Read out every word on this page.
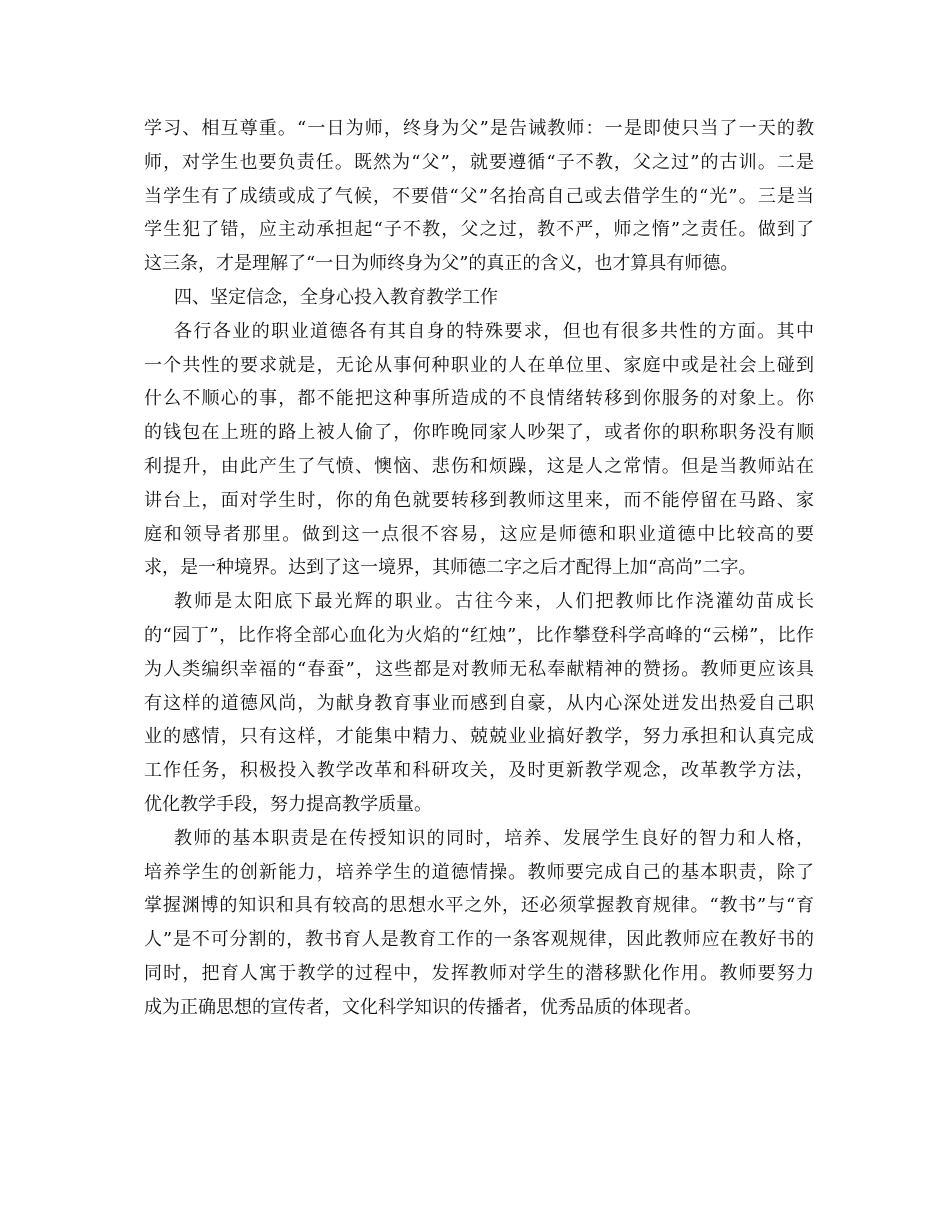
学习、相互尊重。“一日为师，终身为父”是告诫教师：一是即使只当了一天的教
师，对学生也要负责任。既然为“父”，就要遵循“子不教，父之过”的古训。二是
当学生有了成绩或成了气候，不要借“父”名抬高自己或去借学生的“光”。三是当
学生犯了错，应主动承担起“子不教，父之过，教不严，师之惰”之责任。做到了
这三条，才是理解了“一日为师终身为父”的真正的含义，也才算具有师德。
四、坚定信念，全身心投入教育教学工作
各行各业的职业道德各有其自身的特殊要求，但也有很多共性的方面。其中
一个共性的要求就是，无论从事何种职业的人在单位里、家庭中或是社会上碰到
什么不顺心的事，都不能把这种事所造成的不良情绪转移到你服务的对象上。你
的钱包在上班的路上被人偷了，你昨晚同家人吵架了，或者你的职称职务没有顺
利提升，由此产生了气愤、懊恼、悲伤和烦躁，这是人之常情。但是当教师站在
讲台上，面对学生时，你的角色就要转移到教师这里来，而不能停留在马路、家
庭和领导者那里。做到这一点很不容易，这应是师德和职业道德中比较高的要
求，是一种境界。达到了这一境界，其师德二字之后才配得上加“高尚”二字。
教师是太阳底下最光辉的职业。古往今来，人们把教师比作浇灌幼苗成长
的“园丁”，比作将全部心血化为火焰的“红烛”，比作攀登科学高峰的“云梯”，比作
为人类编织幸福的“春蚕”，这些都是对教师无私奉献精神的赞扬。教师更应该具
有这样的道德风尚，为献身教育事业而感到自豪，从内心深处迸发出热爱自己职
业的感情，只有这样，才能集中精力、兢兢业业搞好教学，努力承担和认真完成
工作任务，积极投入教学改革和科研攻关，及时更新教学观念，改革教学方法，
优化教学手段，努力提高教学质量。
教师的基本职责是在传授知识的同时，培养、发展学生良好的智力和人格，
培养学生的创新能力，培养学生的道德情操。教师要完成自己的基本职责，除了
掌握渊博的知识和具有较高的思想水平之外，还必须掌握教育规律。“教书”与“育
人”是不可分割的，教书育人是教育工作的一条客观规律，因此教师应在教好书的
同时，把育人寓于教学的过程中，发挥教师对学生的潜移默化作用。教师要努力
成为正确思想的宣传者，文化科学知识的传播者，优秀品质的体现者。
